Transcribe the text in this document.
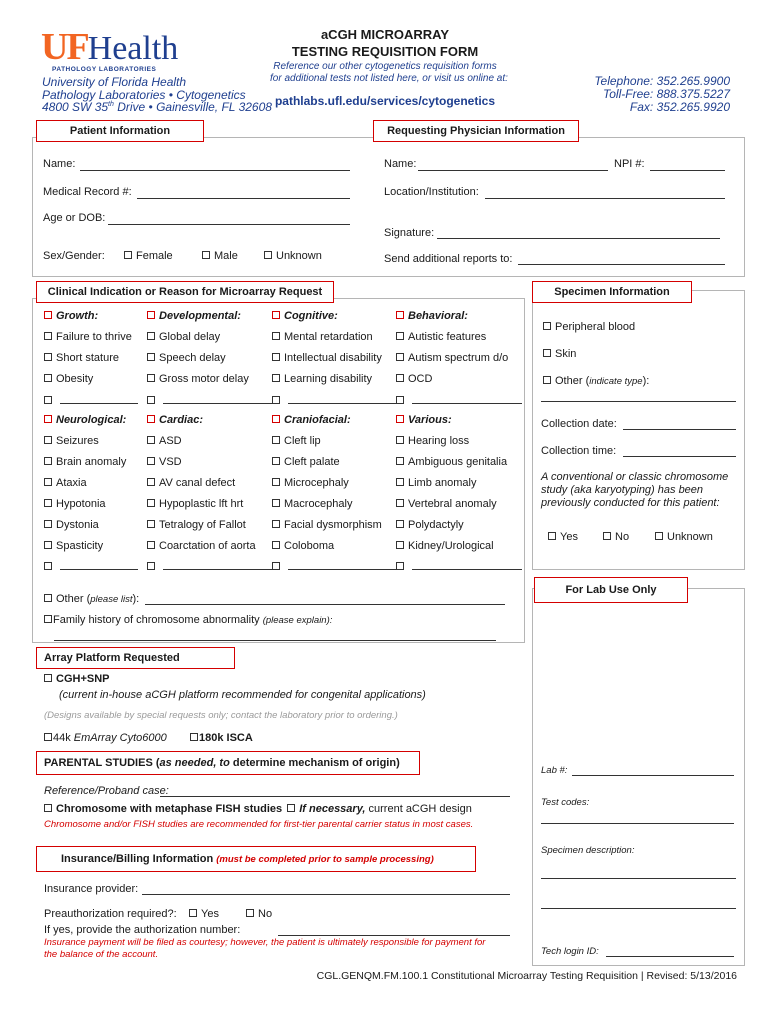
UFHealth
PATHOLOGY LABORATORIES
University of Florida Health
Pathology Laboratories • Cytogenetics
4800 SW 35th Drive • Gainesville, FL 32608
aCGH MICROARRAY
TESTING REQUISITION FORM
Reference our other cytogenetics requisition forms
for additional tests not listed here, or visit us online at:
pathlabs.ufl.edu/services/cytogenetics
Telephone: 352.265.9900
Toll-Free: 888.375.5227
Fax: 352.265.9920
Patient Information	Requesting Physician Information
Name:
Medical Record #:
Age or DOB:
Sex/Gender:	Female	Male	Unknown
Name:	NPI #:
Location/Institution:
Signature:
Send additional reports to:
Clinical Indication or Reason for Microarray Request	Specimen Information
Growth:	Developmental:	Cognitive:	Behavioral:
Failure to thrive	Global delay	Mental retardation	Autistic features
Short stature	Speech delay	Intellectual disability	Autism spectrum d/o
Obesity	Gross motor delay	Learning disability	OCD
Neurological:	Cardiac:	Craniofacial:	Various:
Seizures	ASD	Cleft lip	Hearing loss
Brain anomaly	VSD	Cleft palate	Ambiguous genitalia
Ataxia	AV canal defect	Microcephaly	Limb anomaly
Hypotonia	Hypoplastic lft hrt	Macrocephaly	Vertebral anomaly
Dystonia	Tetralogy of Fallot	Facial dysmorphism	Polydactyly
Spasticity	Coarctation of aorta	Coloboma	Kidney/Urological
Other (please list):
Family history of chromosome abnormality (please explain):
Peripheral blood
Skin
Other (indicate type):
Collection date:
Collection time:
A conventional or classic chromosome study (aka karyotyping) has been previously conducted for this patient:
Yes	No	Unknown
For Lab Use Only
Lab #:
Test codes:
Specimen description:
Tech login ID:
Array Platform Requested
CGH+SNP
(current in-house aCGH platform recommended for congenital applications)
(Designs available by special requests only; contact the laboratory prior to ordering.)
44k EmArray Cyto6000	180k ISCA
PARENTAL STUDIES (as needed, to determine mechanism of origin)
Reference/Proband case:
Chromosome with metaphase FISH studies If necessary, current aCGH design
Chromosome and/or FISH studies are recommended for first-tier parental carrier status in most cases.
Insurance/Billing Information (must be completed prior to sample processing)
Insurance provider:
Preauthorization required?:	Yes	No
If yes, provide the authorization number:
Insurance payment will be filed as courtesy; however, the patient is ultimately responsible for payment for
the balance of the account.
CGL.GENQM.FM.100.1 Constitutional Microarray Testing Requisition | Revised: 5/13/2016
